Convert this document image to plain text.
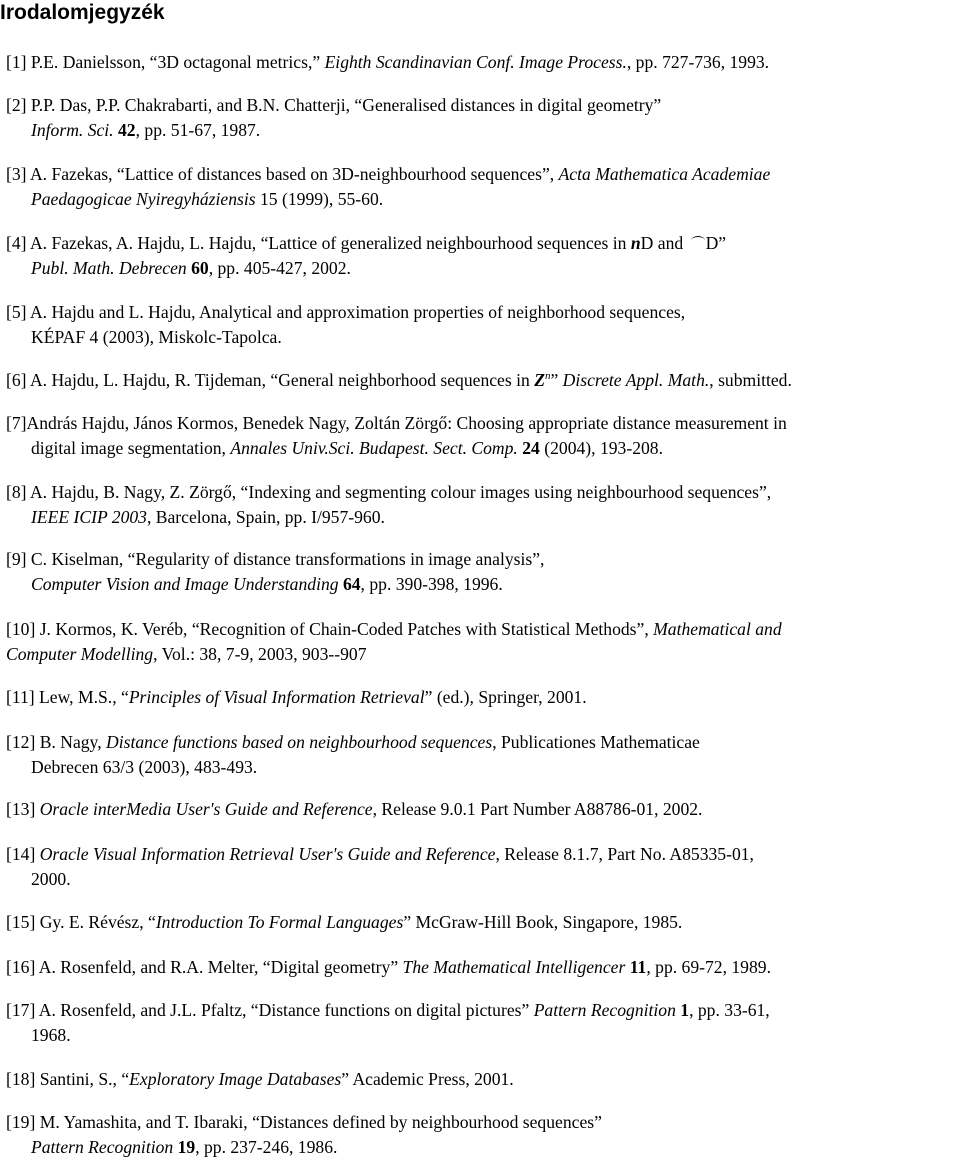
Irodalomjegyzék
[1] P.E. Danielsson, “3D octagonal metrics,” Eighth Scandinavian Conf. Image Process., pp. 727-736, 1993.
[2] P.P. Das, P.P. Chakrabarti, and B.N. Chatterji, “Generalised distances in digital geometry”
Inform. Sci. 42, pp. 51-67, 1987.
[3] A. Fazekas, “Lattice of distances based on 3D-neighbourhood sequences”, Acta Mathematica Academiae
Paedagogicae Nyiregyháziensis 15 (1999), 55-60.
[4] A. Fazekas, A. Hajdu, L. Hajdu, “Lattice of generalized neighbourhood sequences in nD and D”
Publ. Math. Debrecen 60, pp. 405-427, 2002.
[5] A. Hajdu and L. Hajdu, Analytical and approximation properties of neighborhood sequences,
KÉPAF 4 (2003), Miskolc-Tapolca.
[6] A. Hajdu, L. Hajdu, R. Tijdeman, “General neighborhood sequences in $Z^n$” Discrete Appl. Math., submitted.
[7]András Hajdu, János Kormos, Benedek Nagy, Zoltán Zörgő: Choosing appropriate distance measurement in
digital image segmentation, Annales Univ.Sci. Budapest. Sect. Comp. 24 (2004), 193-208.
[8] A. Hajdu, B. Nagy, Z. Zörgő, “Indexing and segmenting colour images using neighbourhood sequences”,
IEEE ICIP 2003, Barcelona, Spain, pp. I/957-960.
[9] C. Kiselman, “Regularity of distance transformations in image analysis”,
Computer Vision and Image Understanding 64, pp. 390-398, 1996.
[10] J. Kormos, K. Veréb, “Recognition of Chain-Coded Patches with Statistical Methods”, Mathematical and
Computer Modelling, Vol.: 38, 7-9, 2003, 903--907
[11] Lew, M.S., “Principles of Visual Information Retrieval” (ed.), Springer, 2001.
[12] B. Nagy, Distance functions based on neighbourhood sequences, Publicationes Mathematicae
Debrecen 63/3 (2003), 483-493.
[13] Oracle interMedia User's Guide and Reference, Release 9.0.1 Part Number A88786-01, 2002.
[14] Oracle Visual Information Retrieval User's Guide and Reference, Release 8.1.7, Part No. A85335-01,
2000.
[15] Gy. E. Révész, “Introduction To Formal Languages” McGraw-Hill Book, Singapore, 1985.
[16] A. Rosenfeld, and R.A. Melter, “Digital geometry” The Mathematical Intelligencer 11, pp. 69-72, 1989.
[17] A. Rosenfeld, and J.L. Pfaltz, “Distance functions on digital pictures” Pattern Recognition 1, pp. 33-61,
1968.
[18] Santini, S., “Exploratory Image Databases” Academic Press, 2001.
[19] M. Yamashita, and T. Ibaraki, “Distances defined by neighbourhood sequences”
Pattern Recognition 19, pp. 237-246, 1986.
